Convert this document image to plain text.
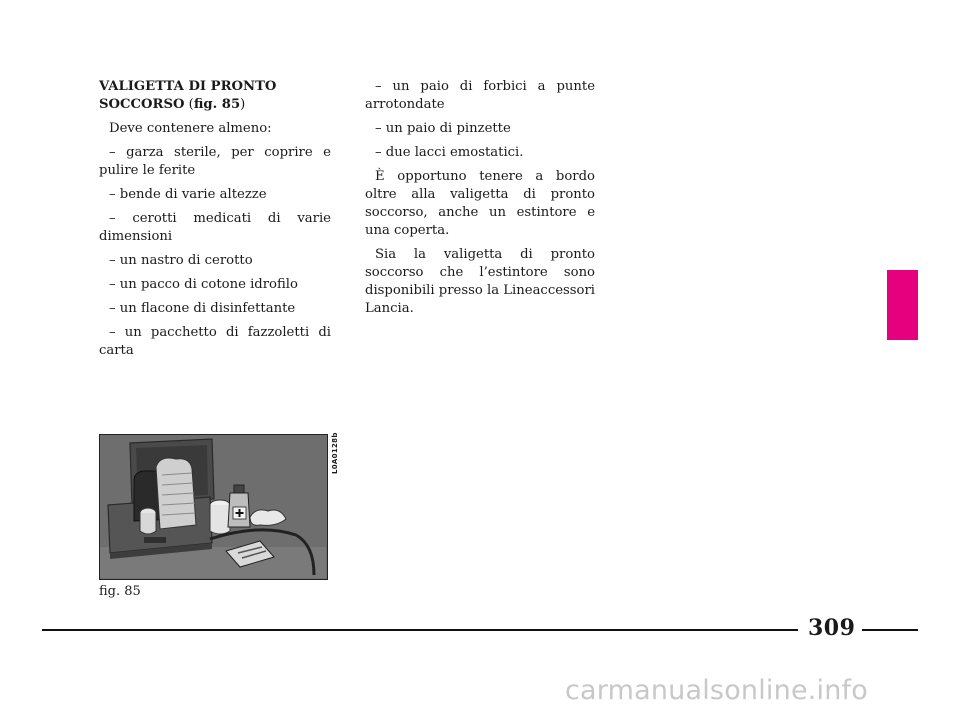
VALIGETTA DI PRONTO SOCCORSO (fig. 85)

Deve contenere almeno:

– garza sterile, per coprire e pulire le ferite

– bende di varie altezze

– cerotti medicati di varie dimensioni

– un nastro di cerotto

– un pacco di cotone idrofilo

– un flacone di disinfettante

– un pacchetto di fazzoletti di carta

– un paio di forbici a punte arrotondate

– un paio di pinzette

– due lacci emostatici.

È opportuno tenere a bordo oltre alla valigetta di pronto soccorso, anche un estintore e una coperta.

Sia la valigetta di pronto soccorso che l’estintore sono disponibili presso la Lineaccessori Lancia.

L0A0128b
fig. 85
309
carmanualsonline.info
